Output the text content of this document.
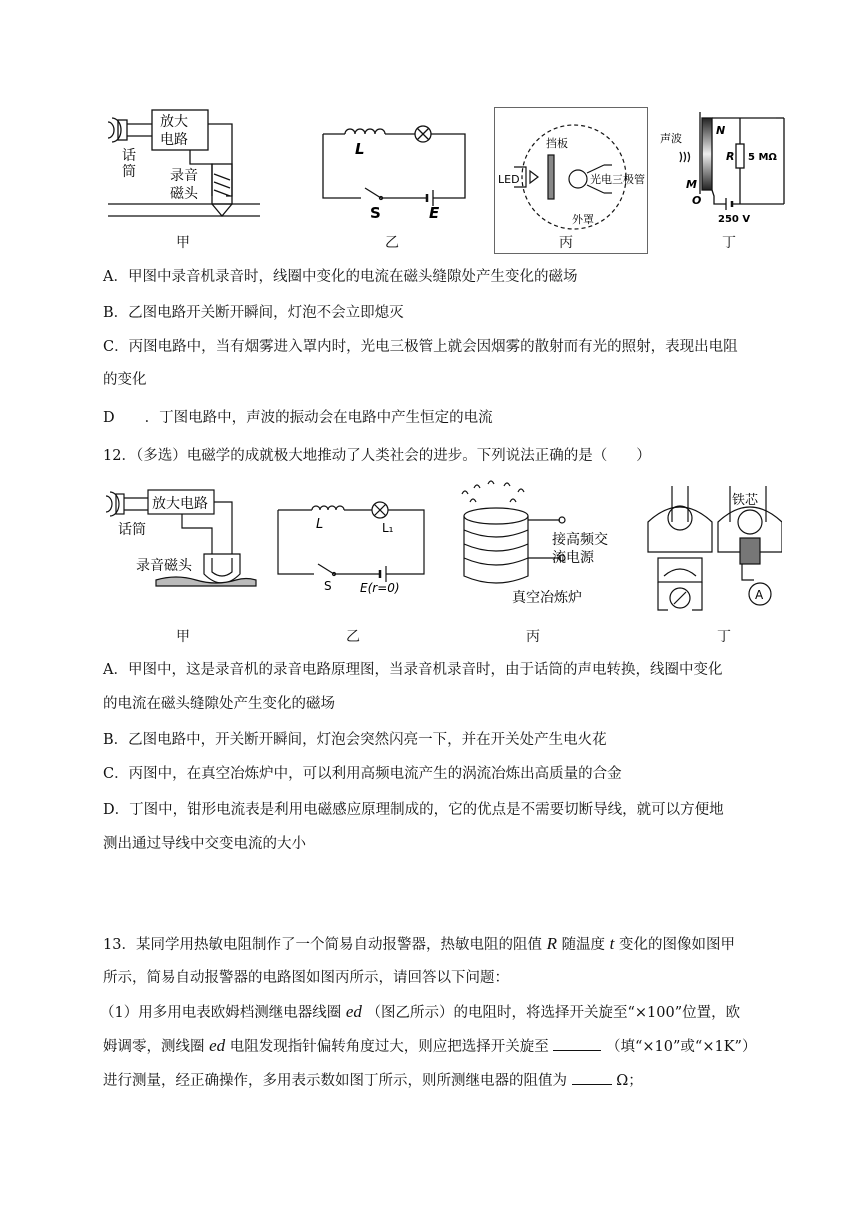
放大
电路
话
筒 录音
磁头
甲
L
S	E
乙
挡板
LED	光电三极管
外罩
丙
声波
N
M
O
R 5 MΩ
250 V
丁
A．甲图中录音机录音时，线圈中变化的电流在磁头缝隙处产生变化的磁场
B．乙图电路开关断开瞬间，灯泡不会立即熄灭
C．丙图电路中，当有烟雾进入罩内时，光电三极管上就会因烟雾的散射而有光的照射，表现出电阻
的变化
D ．丁图电路中，声波的振动会在电路中产生恒定的电流
12．（多选）电磁学的成就极大地推动了人类社会的进步。下列说法正确的是（　　）
放大电路
话筒
录音磁头
甲
L	L₁
S E(r=0)
乙
接高频交
流电源
真空冶炼炉
丙
铁芯
A
丁
A．甲图中，这是录音机的录音电路原理图，当录音机录音时，由于话筒的声电转换，线圈中变化
的电流在磁头缝隙处产生变化的磁场
B．乙图电路中，开关断开瞬间，灯泡会突然闪亮一下，并在开关处产生电火花
C．丙图中，在真空冶炼炉中，可以利用高频电流产生的涡流冶炼出高质量的合金
D．丁图中，钳形电流表是利用电磁感应原理制成的，它的优点是不需要切断导线，就可以方便地
测出通过导线中交变电流的大小
13．某同学用热敏电阻制作了一个简易自动报警器，热敏电阻的阻值 R 随温度 t 变化的图像如图甲
所示，简易自动报警器的电路图如图丙所示，请回答以下问题：
（1）用多用电表欧姆档测继电器线圈 ed （图乙所示）的电阻时，将选择开关旋至“×100”位置，欧
姆调零，测线圈 ed 电阻发现指针偏转角度过大，则应把选择开关旋至	（填“×10”或“×1K”）
进行测量，经正确操作，多用表示数如图丁所示，则所测继电器的阻值为	Ω；
